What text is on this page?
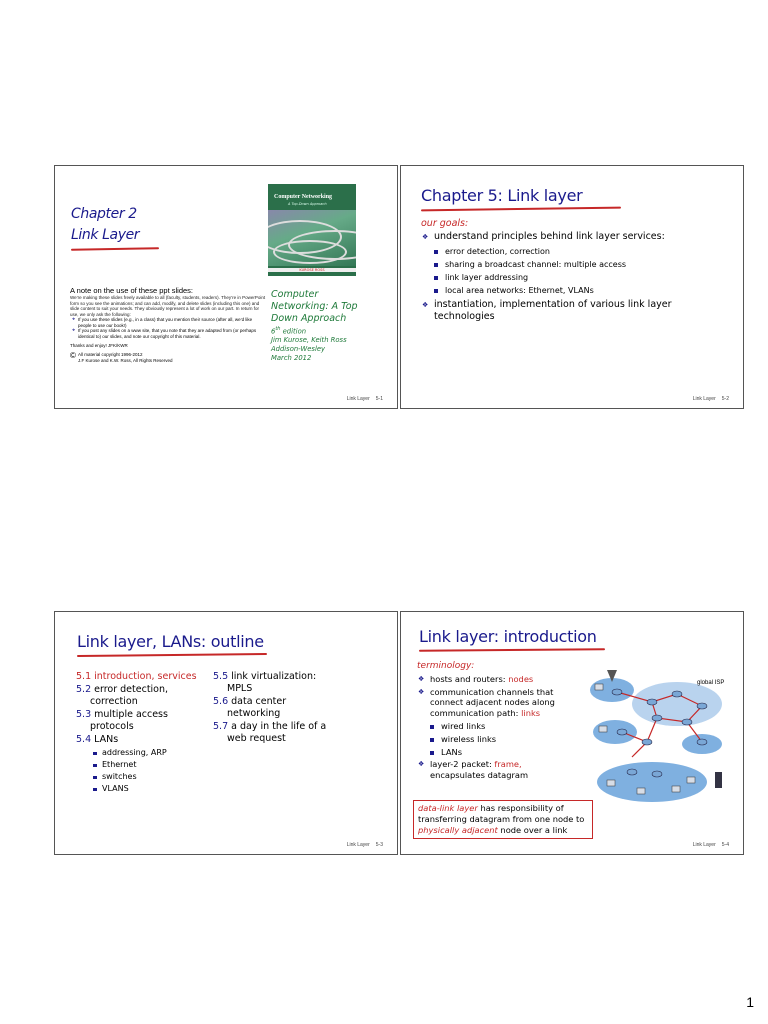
Chapter 2
Link Layer
Computer Networking
A Top-Down Approach
KUROSE ROSS
Computer
Networking: A Top
Down Approach
6th edition
Jim Kurose, Keith Ross
Addison-Wesley
March 2012
A note on the use of these ppt slides:
We’re making these slides freely available to all (faculty, students, readers). They’re in PowerPoint form so you see the animations; and can add, modify, and delete slides (including this one) and slide content to suit your needs. They obviously represent a lot of work on our part. In return for use, we only ask the following:
❖ If you use these slides (e.g., in a class) that you mention their source (after all, we’d like people to use our book!)
❖ If you post any slides on a www site, that you note that they are adapted from (or perhaps identical to) our slides, and note our copyright of this material.
Thanks and enjoy! JFK/KWR
© All material copyright 1996-2012
J.F Kurose and K.W. Ross, All Rights Reserved
Link Layer 5-1
Chapter 5: Link layer
our goals:
❖ understand principles behind link layer services:
error detection, correction
sharing a broadcast channel: multiple access
link layer addressing
local area networks: Ethernet, VLANs
❖ instantiation, implementation of various link layer technologies
Link Layer 5-2
Link layer, LANs: outline
5.1 introduction, services
5.2 error detection,
correction
5.3 multiple access
protocols
5.4 LANs
addressing, ARP
Ethernet
switches
VLANS
5.5 link virtualization:
MPLS
5.6 data center
networking
5.7 a day in the life of a
web request
Link Layer 5-3
Link layer: introduction
terminology:
❖ hosts and routers: nodes
❖ communication channels that connect adjacent nodes along communication path: links
wired links
wireless links
LANs
❖ layer-2 packet: frame,
encapsulates datagram
data-link layer has responsibility of transferring datagram from one node to physically adjacent node over a link
global ISP
Link Layer 5-4
1
